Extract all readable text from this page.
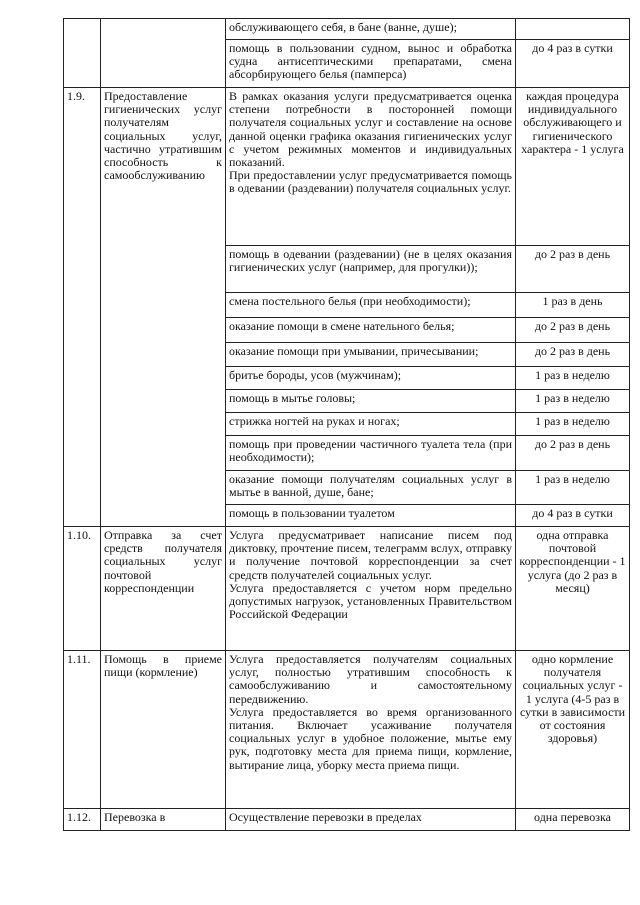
		обслуживающего себя, в бане (ванне, душе);	
		помощь в пользовании судном, вынос и обработка судна антисептическими препаратами, смена абсорбирующего белья (памперса)	до 4 раз в сутки
1.9.	Предоставление гигиенических услуг получателям социальных услуг, частично утратившим способность к самообслуживанию	В рамках оказания услуги предусматривается оценка степени потребности в посторонней помощи получателя социальных услуг и составление на основе данной оценки графика оказания гигиенических услуг с учетом режимных моментов и индивидуальных показаний.
При предоставлении услуг предусматривается помощь в одевании (раздевании) получателя социальных услуг.	каждая процедура индивидуального обслуживающего и гигиенического характера - 1 услуга
		помощь в одевании (раздевании) (не в целях оказания гигиенических услуг (например, для прогулки));	до 2 раз в день
		смена постельного белья (при необходимости);	1 раз в день
		оказание помощи в смене нательного белья;	до 2 раз в день
		оказание помощи при умывании, причесывании;	до 2 раз в день
		бритье бороды, усов (мужчинам);	1 раз в неделю
		помощь в мытье головы;	1 раз в неделю
		стрижка ногтей на руках и ногах;	1 раз в неделю
		помощь при проведении частичного туалета тела (при необходимости);	до 2 раз в день
		оказание помощи получателям социальных услуг в мытье в ванной, душе, бане;	1 раз в неделю
		помощь в пользовании туалетом	до 4 раз в сутки
1.10.	Отправка за счет средств получателя социальных услуг почтовой корреспонденции	Услуга предусматривает написание писем под диктовку, прочтение писем, телеграмм вслух, отправку и получение почтовой корреспонденции за счет средств получателей социальных услуг.
Услуга предоставляется с учетом норм предельно допустимых нагрузок, установленных Правительством Российской Федерации	одна отправка почтовой корреспонденции - 1 услуга (до 2 раз в месяц)
1.11.	Помощь в приеме пищи (кормление)	Услуга предоставляется получателям социальных услуг, полностью утратившим способность к самообслуживанию и самостоятельному передвижению.
Услуга предоставляется во время организованного питания. Включает усаживание получателя социальных услуг в удобное положение, мытье ему рук, подготовку места для приема пищи, кормление, вытирание лица, уборку места приема пищи.	одно кормление получателя социальных услуг - 1 услуга (4-5 раз в сутки в зависимости от состояния здоровья)
1.12.	Перевозка в	Осуществление перевозки в пределах	одна перевозка
